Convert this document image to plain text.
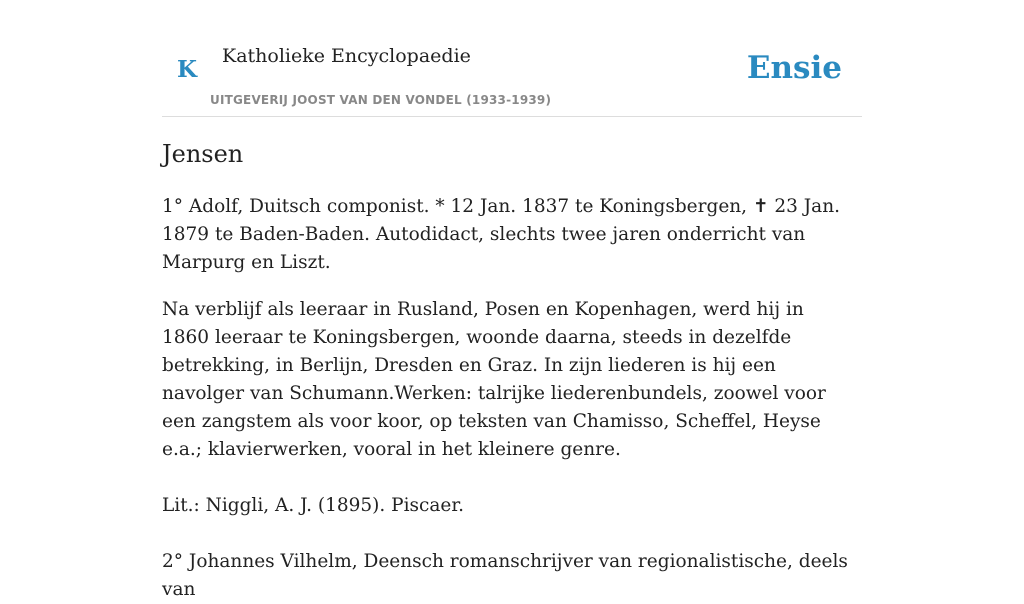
K Katholieke Encyclopaedie
UITGEVERIJ JOOST VAN DEN VONDEL (1933-1939)
Ensie
Jensen

1° Adolf, Duitsch componist. * 12 Jan. 1837 te Koningsbergen, ✝ 23 Jan. 1879 te Baden-Baden. Autodidact, slechts twee jaren onderricht van Marpurg en Liszt.

Na verblijf als leeraar in Rusland, Posen en Kopenhagen, werd hij in 1860 leeraar te Koningsbergen, woonde daarna, steeds in dezelfde betrekking, in Berlijn, Dresden en Graz. In zijn liederen is hij een navolger van Schumann.Werken: talrijke liederenbundels, zoowel voor een zangstem als voor koor, op teksten van Chamisso, Scheffel, Heyse e.a.; klavierwerken, vooral in het kleinere genre.

Lit.: Niggli, A. J. (1895). Piscaer.

2° Johannes Vilhelm, Deensch romanschrijver van regionalistische, deels van
